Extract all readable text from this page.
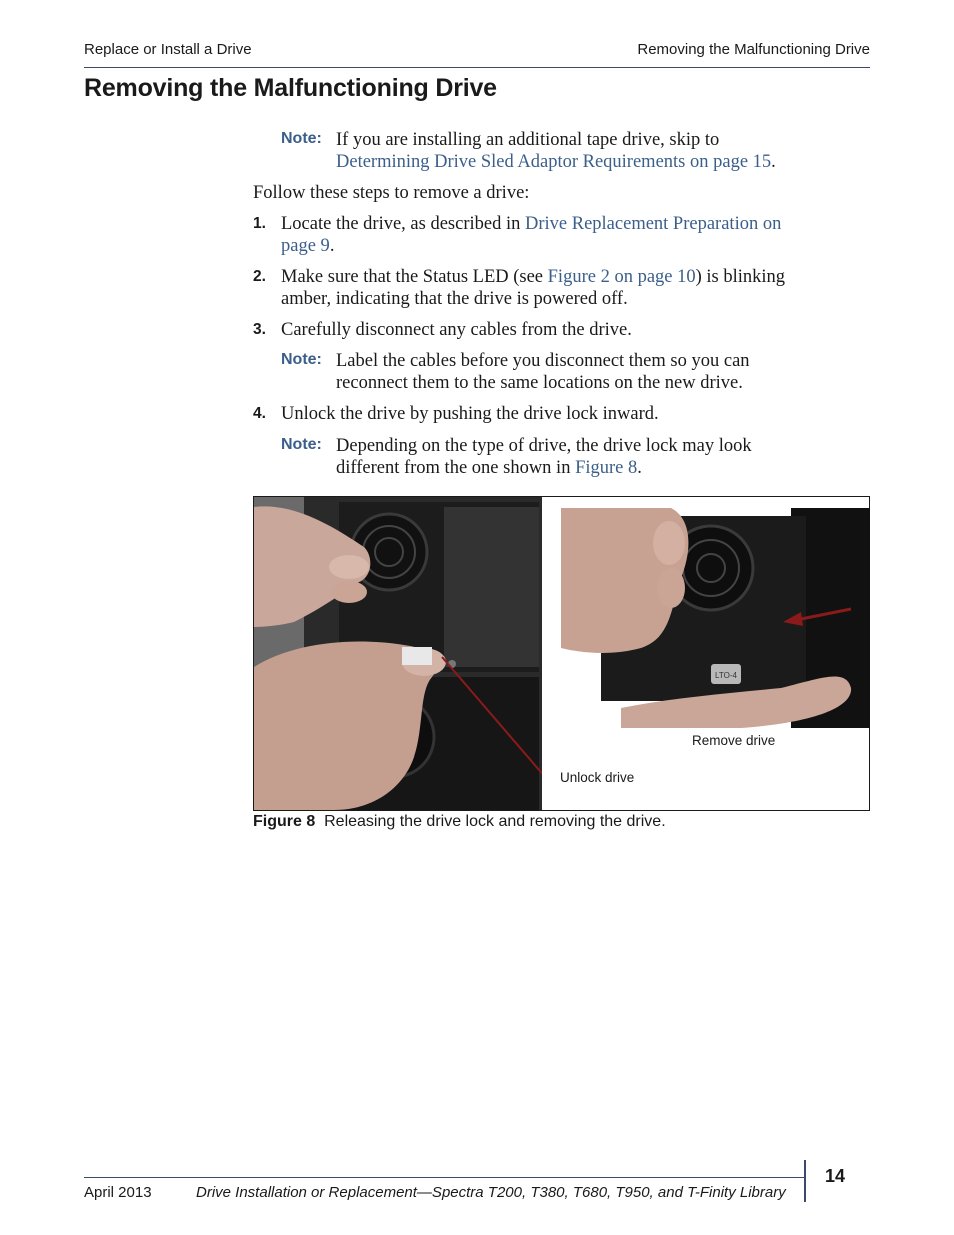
Replace or Install a Drive	Removing the Malfunctioning Drive
Removing the Malfunctioning Drive
Note: If you are installing an additional tape drive, skip to
Determining Drive Sled Adaptor Requirements on page 15.
Follow these steps to remove a drive:
1. Locate the drive, as described in Drive Replacement Preparation on
page 9.
2. Make sure that the Status LED (see Figure 2 on page 10) is blinking
amber, indicating that the drive is powered off.
3. Carefully disconnect any cables from the drive.
Note: Label the cables before you disconnect them so you can
reconnect them to the same locations on the new drive.
4. Unlock the drive by pushing the drive lock inward.
Note: Depending on the type of drive, the drive lock may look
different from the one shown in Figure 8.
LTO-4
Remove drive
Unlock drive
Figure 8 Releasing the drive lock and removing the drive.
April 2013	Drive Installation or Replacement—Spectra T200, T380, T680, T950, and T-Finity Library
14
